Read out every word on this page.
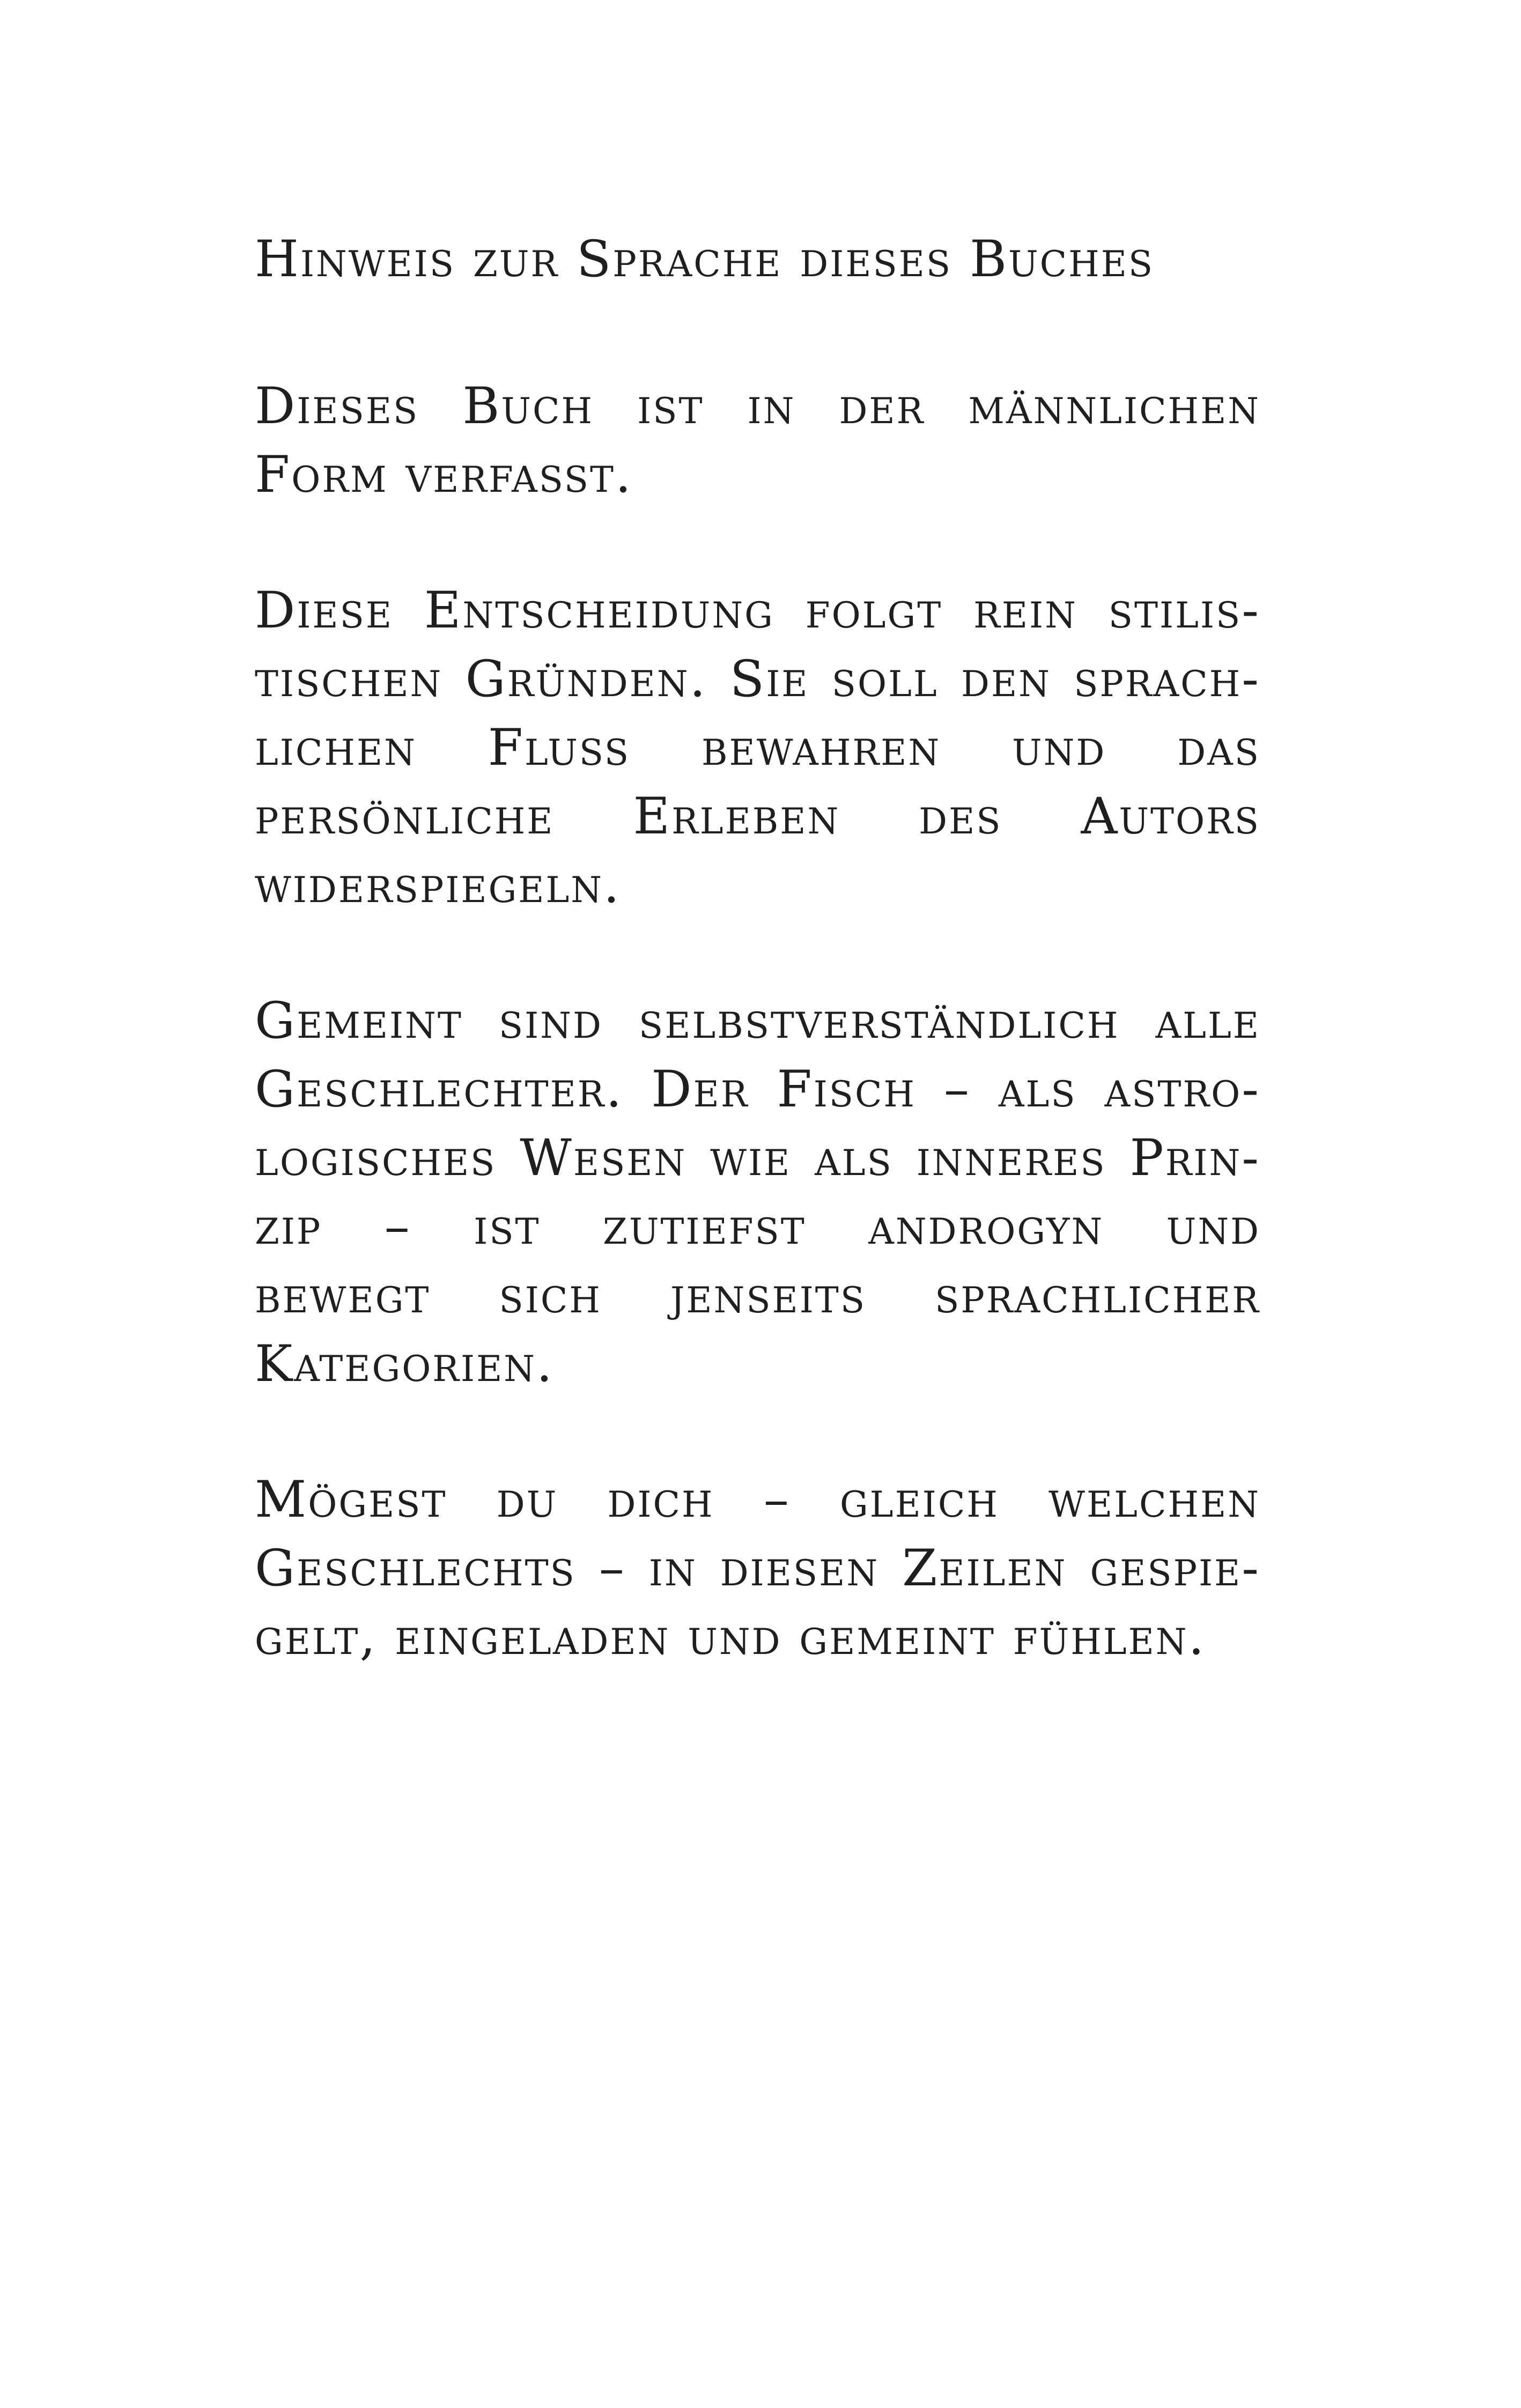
Hinweis zur Sprache dieses Buches

Dieses Buch ist in der männlichen
Form verfasst.

Diese Entscheidung folgt rein stilis-
tischen Gründen. Sie soll den sprach-
lichen Fluss bewahren und das
persönliche Erleben des Autors
widerspiegeln.

Gemeint sind selbstverständlich alle
Geschlechter. Der Fisch – als astro-
logisches Wesen wie als inneres Prin-
zip – ist zutiefst androgyn und
bewegt sich jenseits sprachlicher
Kategorien.

Mögest du dich – gleich welchen
Geschlechts – in diesen Zeilen gespie-
gelt, eingeladen und gemeint fühlen.
